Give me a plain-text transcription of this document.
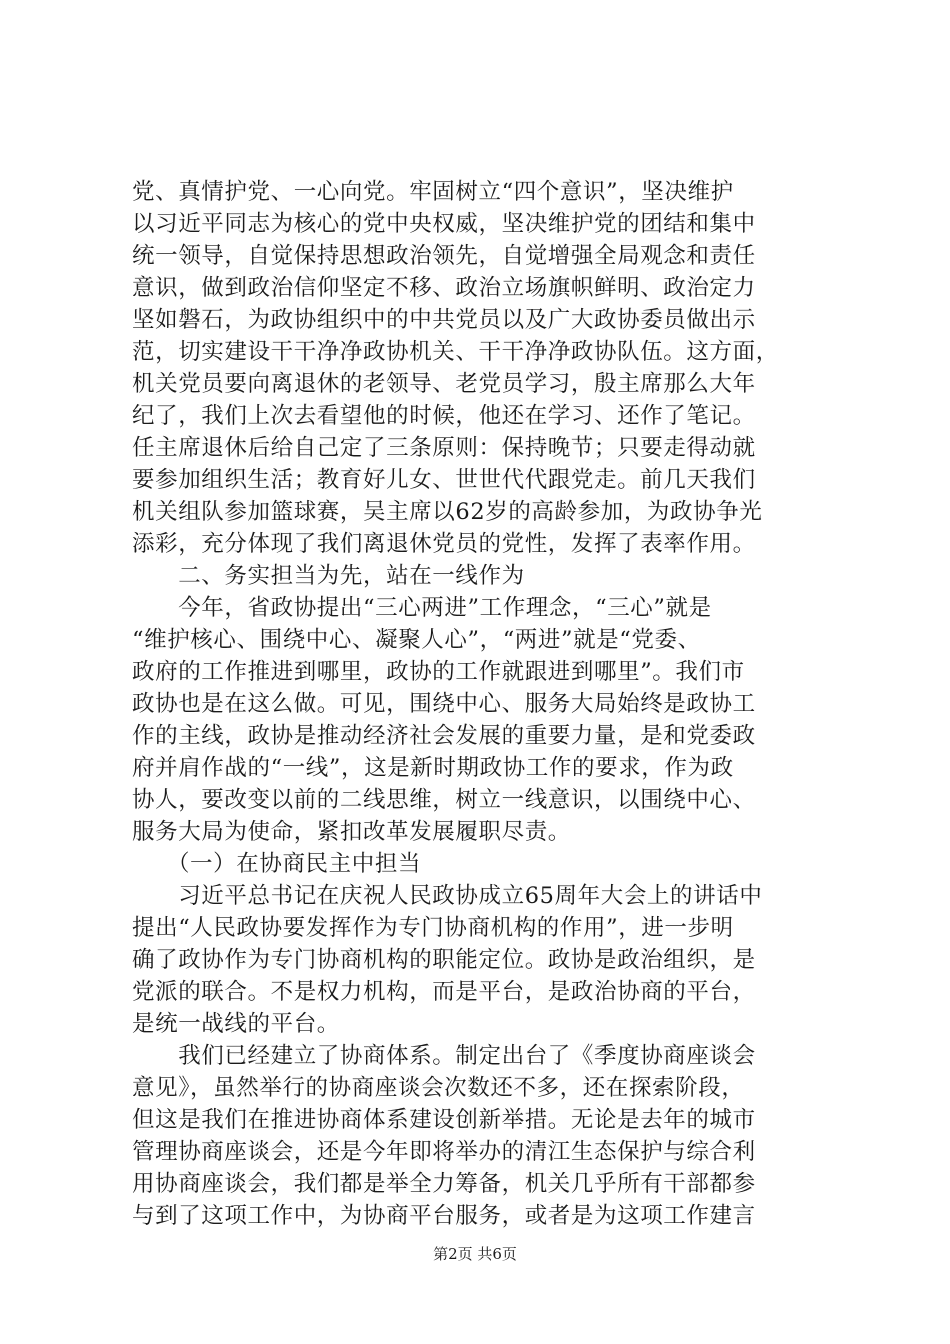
党、真情护党、一心向党。牢固树立“四个意识”，坚决维护
以习近平同志为核心的党中央权威，坚决维护党的团结和集中
统一领导，自觉保持思想政治领先，自觉增强全局观念和责任
意识，做到政治信仰坚定不移、政治立场旗帜鲜明、政治定力
坚如磐石，为政协组织中的中共党员以及广大政协委员做出示
范，切实建设干干净净政协机关、干干净净政协队伍。这方面，
机关党员要向离退休的老领导、老党员学习，殷主席那么大年
纪了，我们上次去看望他的时候，他还在学习、还作了笔记。
任主席退休后给自己定了三条原则：保持晚节；只要走得动就
要参加组织生活；教育好儿女、世世代代跟党走。前几天我们
机关组队参加篮球赛，吴主席以62岁的高龄参加，为政协争光
添彩，充分体现了我们离退休党员的党性，发挥了表率作用。
　　二、务实担当为先，站在一线作为
　　今年，省政协提出“三心两进”工作理念，“三心”就是
“维护核心、围绕中心、凝聚人心”，“两进”就是“党委、
政府的工作推进到哪里，政协的工作就跟进到哪里”。我们市
政协也是在这么做。可见，围绕中心、服务大局始终是政协工
作的主线，政协是推动经济社会发展的重要力量，是和党委政
府并肩作战的“一线”，这是新时期政协工作的要求，作为政
协人，要改变以前的二线思维，树立一线意识，以围绕中心、
服务大局为使命，紧扣改革发展履职尽责。
　　（一）在协商民主中担当
　　习近平总书记在庆祝人民政协成立65周年大会上的讲话中
提出“人民政协要发挥作为专门协商机构的作用”，进一步明
确了政协作为专门协商机构的职能定位。政协是政治组织，是
党派的联合。不是权力机构，而是平台，是政治协商的平台，
是统一战线的平台。
　　我们已经建立了协商体系。制定出台了《季度协商座谈会
意见》，虽然举行的协商座谈会次数还不多，还在探索阶段，
但这是我们在推进协商体系建设创新举措。无论是去年的城市
管理协商座谈会，还是今年即将举办的清江生态保护与综合利
用协商座谈会，我们都是举全力筹备，机关几乎所有干部都参
与到了这项工作中，为协商平台服务，或者是为这项工作建言
第2页 共6页
